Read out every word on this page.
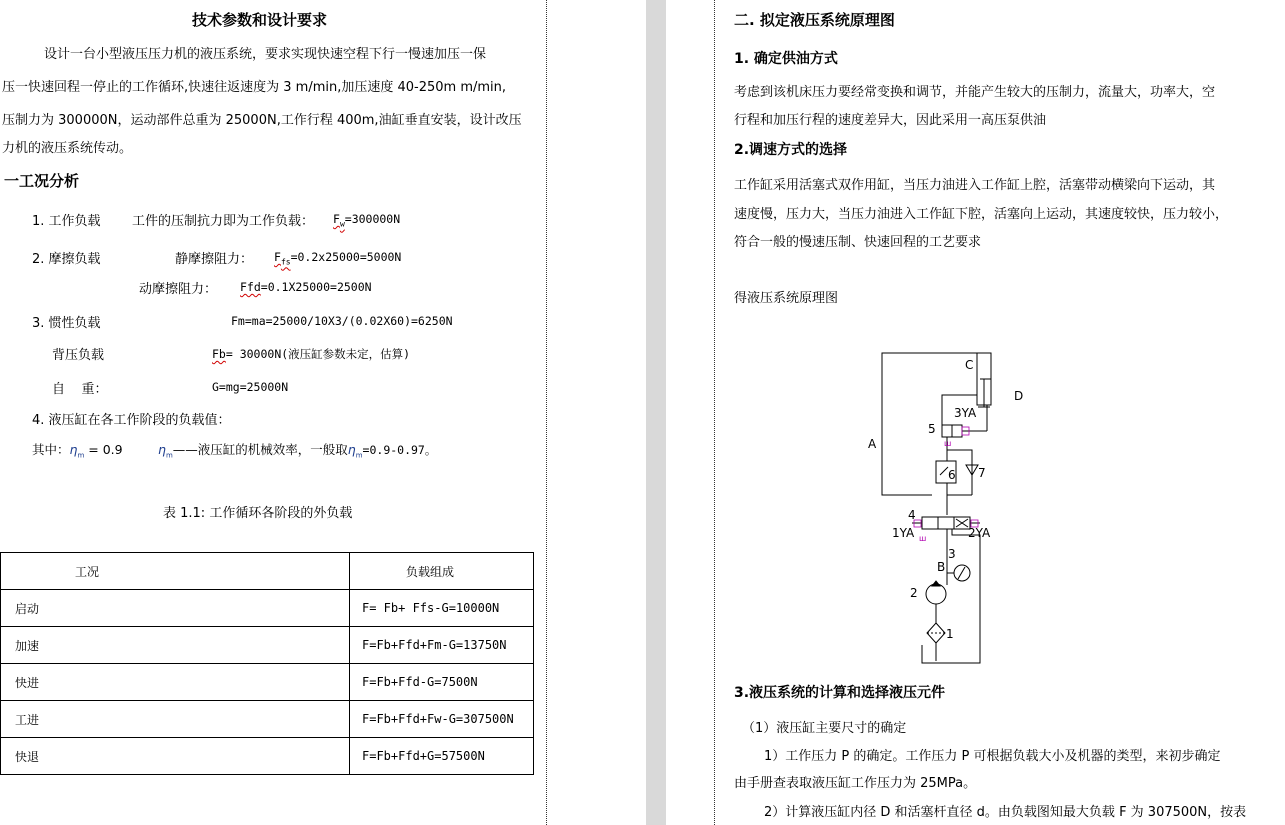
技术参数和设计要求
设计一台小型液压压力机的液压系统，要求实现快速空程下行一慢速加压一保
压一快速回程一停止的工作循环,快速往返速度为 3 m/min,加压速度 40-250m m/min,
压制力为 300000N，运动部件总重为 25000N,工作行程 400m,油缸垂直安装，设计改压
力机的液压系统传动。
一工况分析
1. 工作负载 工件的压制抗力即为工作负载： $F_w=300000N$
2. 摩擦负载	静摩擦阻力： $F_{fs}=0.2x25000=5000N$
动摩擦阻力： Ffd=0.1X25000=2500N
3. 惯性负载	Fm=ma=25000/10X3/(0.02X60)=6250N
背压负载	Fb= 30000N(液压缸参数未定，估算)
自    重：	G=mg=25000N
4. 液压缸在各工作阶段的负载值：
其中：$\eta_m = 0.9$	$\eta_m——$液压缸的机械效率，一般取$\eta_m=0.9-0.97$。
表 1.1: 工作循环各阶段的外负载
工况	负载组成
启动	F= Fb+ Ffs-G=10000N
加速	F=Fb+Ffd+Fm-G=13750N
快进	F=Fb+Ffd-G=7500N
工进	F=Fb+Ffd+Fw-G=307500N
快退	F=Fb+Ffd+G=57500N
二. 拟定液压系统原理图
1. 确定供油方式
考虑到该机床压力要经常变换和调节，并能产生较大的压制力，流量大，功率大，空
行程和加压行程的速度差异大，因此采用一高压泵供油
2.调速方式的选择
工作缸采用活塞式双作用缸，当压力油进入工作缸上腔，活塞带动横梁向下运动，其
速度慢，压力大，当压力油进入工作缸下腔，活塞向上运动，其速度较快，压力较小，
符合一般的慢速压制、快速回程的工艺要求
得液压系统原理图
C
D
A
B
3YA
5
6 7
4
1YA	2YA
3
2
1
ш
ш
3.液压系统的计算和选择液压元件
（1）液压缸主要尺寸的确定
1）工作压力 P 的确定。工作压力 P 可根据负载大小及机器的类型，来初步确定
由手册查表取液压缸工作压力为 25MPa。
2）计算液压缸内径 D 和活塞杆直径 d。由负载图知最大负载 F 为 307500N，按表
